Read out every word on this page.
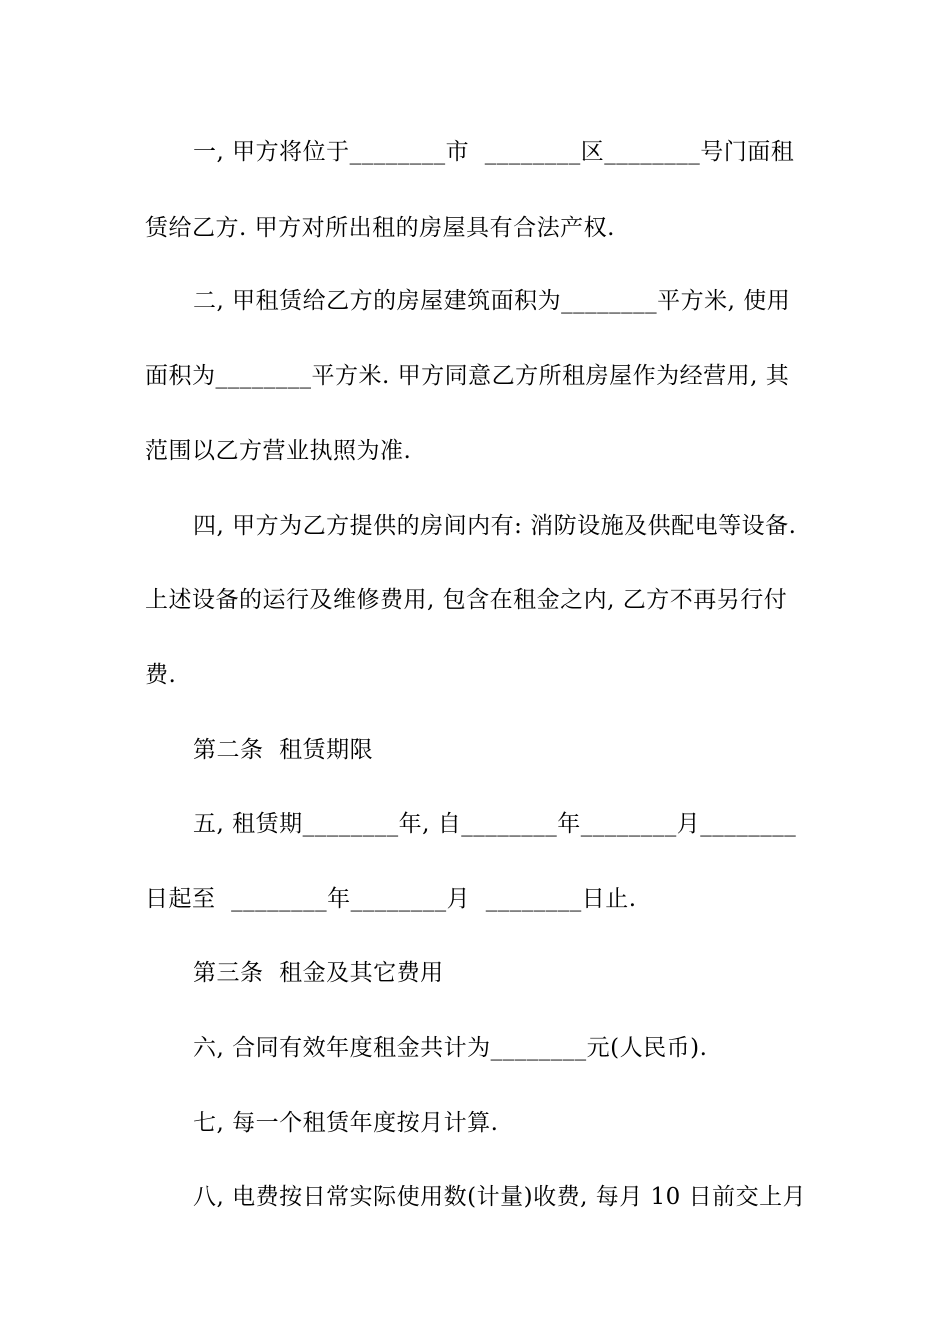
一, 甲方将位于________市  ________区________号门面租
赁给乙方. 甲方对所出租的房屋具有合法产权.
二, 甲租赁给乙方的房屋建筑面积为________平方米, 使用
面积为________平方米. 甲方同意乙方所租房屋作为经营用, 其
范围以乙方营业执照为准.
四, 甲方为乙方提供的房间内有: 消防设施及供配电等设备.
上述设备的运行及维修费用, 包含在租金之内, 乙方不再另行付
费.
第二条  租赁期限
五, 租赁期________年, 自________年________月________
日起至  ________年________月  ________日止.
第三条  租金及其它费用
六, 合同有效年度租金共计为________元(人民币).
七, 每一个租赁年度按月计算.
八, 电费按日常实际使用数(计量)收费, 每月 10 日前交上月
